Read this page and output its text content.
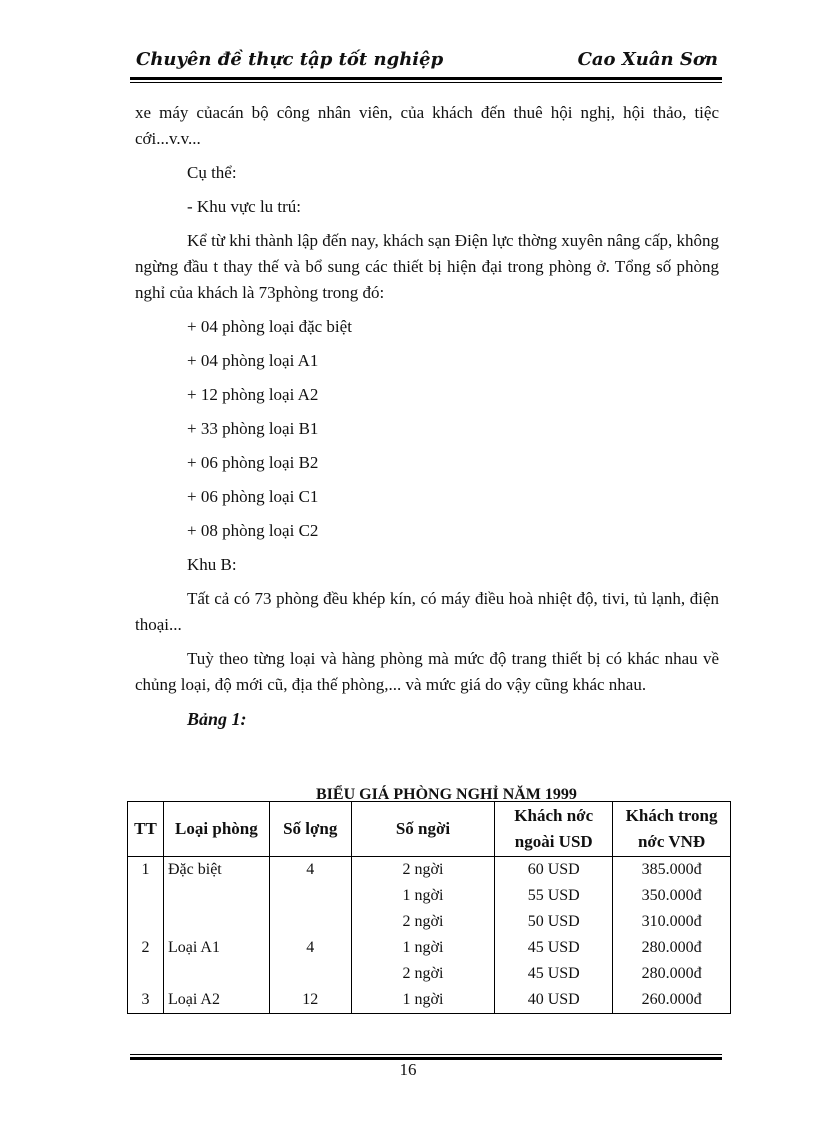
Chuyên đề thực tập tốt nghiệp	Cao Xuân Sơn

xe máy củacán bộ công nhân viên, của khách đến thuê hội nghị, hội thảo, tiệc cới...v.v...

Cụ thể:

- Khu vực lu trú:

Kể từ khi thành lập đến nay, khách sạn Điện lực thờng xuyên nâng cấp, không ngừng đầu t thay thế và bổ sung các thiết bị hiện đại trong phòng ở. Tổng số phòng nghỉ của khách là 73phòng trong đó:

+ 04 phòng loại đặc biệt

+ 04 phòng loại A1

+ 12 phòng loại A2

+ 33 phòng loại B1

+ 06 phòng loại B2

+ 06 phòng loại C1

+ 08 phòng loại C2

Khu B:

Tất cả có 73 phòng đều khép kín, có máy điều hoà nhiệt độ, tivi, tủ lạnh, điện thoại...

Tuỳ theo từng loại và hàng phòng mà mức độ trang thiết bị có khác nhau về chủng loại, độ mới cũ, địa thế phòng,... và mức giá do vậy cũng khác nhau.

Bảng 1:

BIỂU GIÁ PHÒNG NGHỈ NĂM 1999
TT	Loại phòng	Số lợng	Số ngời	Khách nớc ngoài USD	Khách trong nớc VNĐ
1	Đặc biệt	4	2 ngời	60 USD	385.000đ
			1 ngời	55 USD	350.000đ
			2 ngời	50 USD	310.000đ
2	Loại A1	4	1 ngời	45 USD	280.000đ
			2 ngời	45 USD	280.000đ
3	Loại A2	12	1 ngời	40 USD	260.000đ
16
